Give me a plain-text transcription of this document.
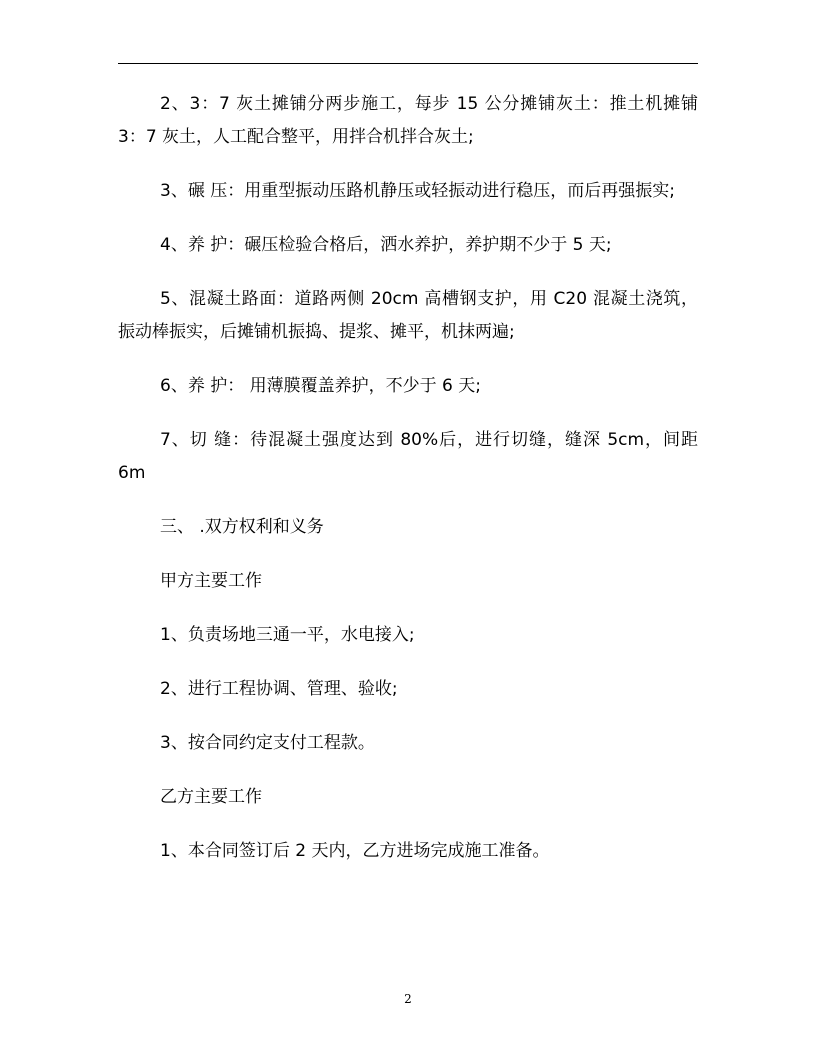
2、3：7 灰土摊铺分两步施工，每步 15 公分摊铺灰土：推土机摊铺 3：7 灰土，人工配合整平，用拌合机拌合灰土;

3、碾 压：用重型振动压路机静压或轻振动进行稳压，而后再强振实;

4、养 护：碾压检验合格后，洒水养护，养护期不少于 5 天;

5、混凝土路面：道路两侧 20cm 高槽钢支护，用 C20 混凝土浇筑，振动棒振实，后摊铺机振捣、提浆、摊平，机抹两遍;

6、养 护： 用薄膜覆盖养护，不少于 6 天;

7、切 缝：待混凝土强度达到 80%后，进行切缝，缝深 5cm，间距 6m

三、 .双方权利和义务

甲方主要工作

1、负责场地三通一平，水电接入;

2、进行工程协调、管理、验收;

3、按合同约定支付工程款。

乙方主要工作

1、本合同签订后 2 天内，乙方进场完成施工准备。

2
